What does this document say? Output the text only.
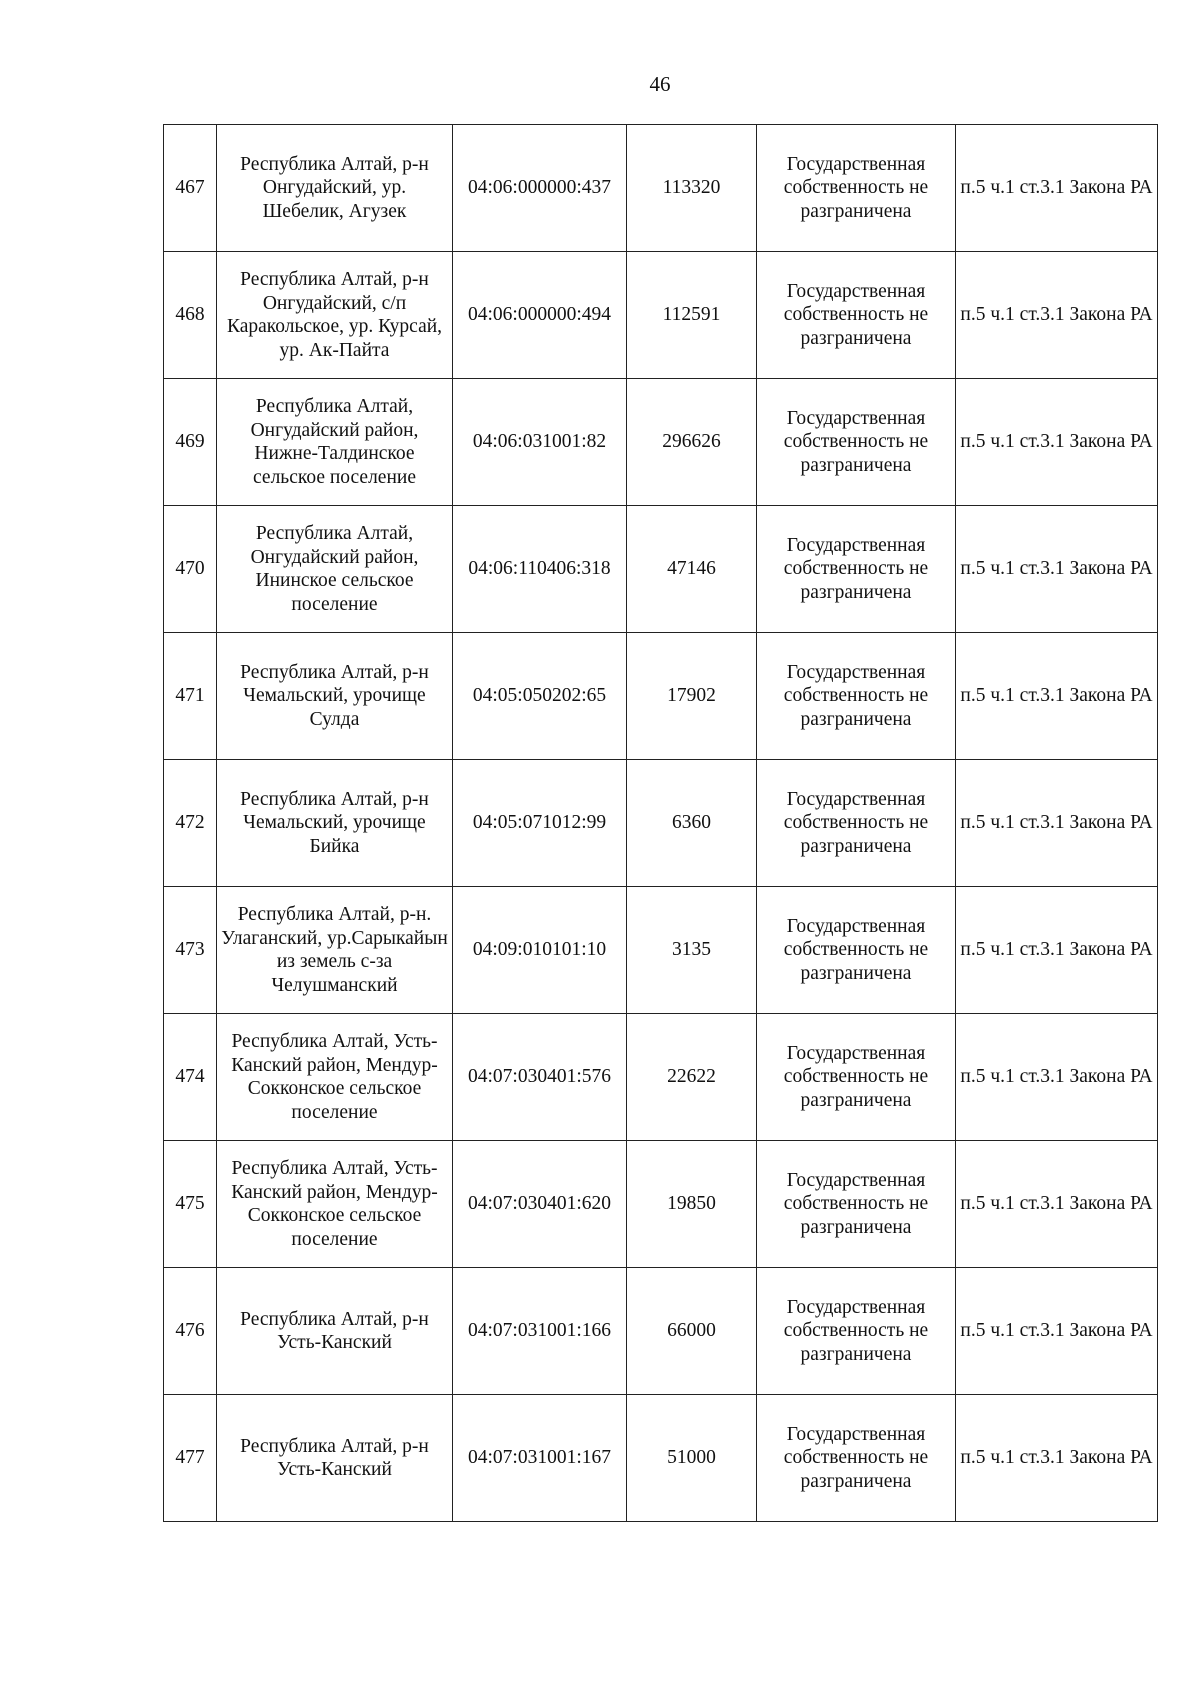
46
467	Республика Алтай, р-н Онгудайский, ур. Шебелик, Агузек	04:06:000000:437	113320	Государственная собственность не разграничена	п.5 ч.1 ст.3.1 Закона РА
468	Республика Алтай, р-н Онгудайский, с/п Каракольское, ур. Курсай, ур. Ак-Пайта	04:06:000000:494	112591	Государственная собственность не разграничена	п.5 ч.1 ст.3.1 Закона РА
469	Республика Алтай, Онгудайский район, Нижне-Талдинское сельское поселение	04:06:031001:82	296626	Государственная собственность не разграничена	п.5 ч.1 ст.3.1 Закона РА
470	Республика Алтай, Онгудайский район, Ининское сельское поселение	04:06:110406:318	47146	Государственная собственность не разграничена	п.5 ч.1 ст.3.1 Закона РА
471	Республика Алтай, р-н Чемальский, урочище Сулда	04:05:050202:65	17902	Государственная собственность не разграничена	п.5 ч.1 ст.3.1 Закона РА
472	Республика Алтай, р-н Чемальский, урочище Бийка	04:05:071012:99	6360	Государственная собственность не разграничена	п.5 ч.1 ст.3.1 Закона РА
473	Республика Алтай, р-н. Улаганский, ур.Сарыкайын из земель с-за Челушманский	04:09:010101:10	3135	Государственная собственность не разграничена	п.5 ч.1 ст.3.1 Закона РА
474	Республика Алтай, Усть-Канский район, Мендур-Сокконское сельское поселение	04:07:030401:576	22622	Государственная собственность не разграничена	п.5 ч.1 ст.3.1 Закона РА
475	Республика Алтай, Усть-Канский район, Мендур-Сокконское сельское поселение	04:07:030401:620	19850	Государственная собственность не разграничена	п.5 ч.1 ст.3.1 Закона РА
476	Республика Алтай, р-н Усть-Канский	04:07:031001:166	66000	Государственная собственность не разграничена	п.5 ч.1 ст.3.1 Закона РА
477	Республика Алтай, р-н Усть-Канский	04:07:031001:167	51000	Государственная собственность не разграничена	п.5 ч.1 ст.3.1 Закона РА
